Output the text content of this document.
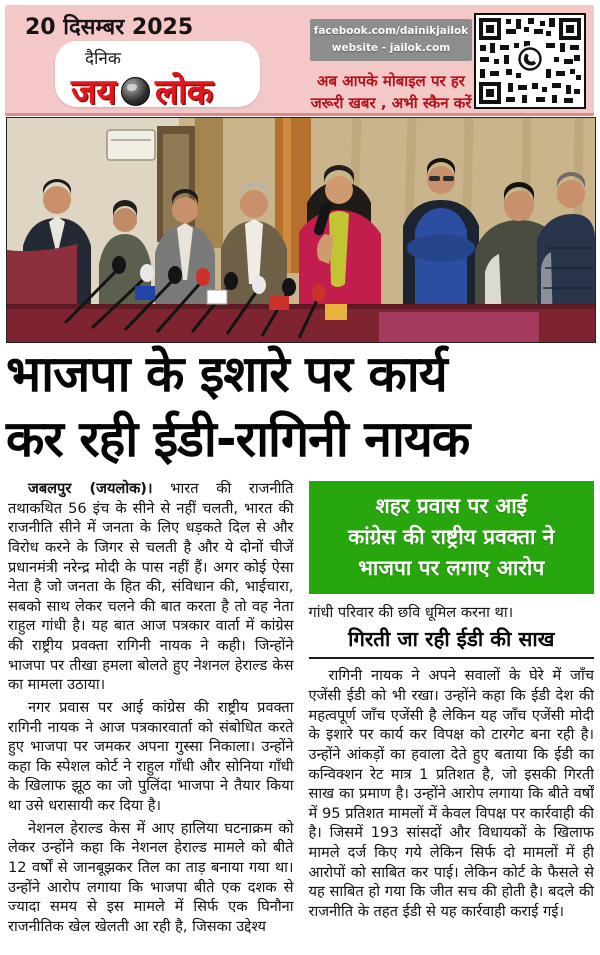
20 दिसम्बर 2025
दैनिक
जय लोक
facebook.com/dainikjailok
website - jailok.com
अब आपके मोबाइल पर हर
जरूरी खबर , अभी स्कैन करें
भाजपा के इशारे पर कार्य
कर रही ईडी-रागिनी नायक

जबलपुर (जयलोक)। भारत की राजनीति तथाकथित 56 इंच के सीने से नहीं चलती, भारत की राजनीति सीने में जनता के लिए धड़कते दिल से और विरोध करने के जिगर से चलती है और ये दोनों चीजें प्रधानमंत्री नरेन्द्र मोदी के पास नहीं हैं। अगर कोई ऐसा नेता है जो जनता के हित की, संविधान की, भाईचारा, सबको साथ लेकर चलने की बात करता है तो वह नेता राहुल गांधी है। यह बात आज पत्रकार वार्ता में कांग्रेस की राष्ट्रीय प्रवक्ता रागिनी नायक ने कही। जिन्होंने भाजपा पर तीखा हमला बोलते हुए नेशनल हेराल्ड केस का मामला उठाया।

नगर प्रवास पर आई कांग्रेस की राष्ट्रीय प्रवक्ता रागिनी नायक ने आज पत्रकारवार्ता को संबोधित करते हुए भाजपा पर जमकर अपना गुस्सा निकाला। उन्होंने कहा कि स्पेशल कोर्ट ने राहुल गाँधी और सोनिया गाँधी के खिलाफ झूठ का जो पुलिंदा भाजपा ने तैयार किया था उसे धरासायी कर दिया है।

नेशनल हेराल्ड केस में आए हालिया घटनाक्रम को लेकर उन्होंने कहा कि नेशनल हेराल्ड मामले को बीते 12 वर्षों से जानबूझकर तिल का ताड़ बनाया गया था। उन्होंने आरोप लगाया कि भाजपा बीते एक दशक से ज्यादा समय से इस मामले में सिर्फ एक घिनौना राजनीतिक खेल खेलती आ रही है, जिसका उद्देश्य

शहर प्रवास पर आई
कांग्रेस की राष्ट्रीय प्रवक्ता ने
भाजपा पर लगाए आरोप

गांधी परिवार की छवि धूमिल करना था।

गिरती जा रही ईडी की साख

रागिनी नायक ने अपने सवालों के घेरे में जाँच एजेंसी ईडी को भी रखा। उन्होंने कहा कि ईडी देश की महत्वपूर्ण जाँच एजेंसी है लेकिन यह जाँच एजेंसी मोदी के इशारे पर कार्य कर विपक्ष को टारगेट बना रही है। उन्होंने आंकड़ों का हवाला देते हुए बताया कि ईडी का कन्विक्शन रेट मात्र 1 प्रतिशत है, जो इसकी गिरती साख का प्रमाण है। उन्होंने आरोप लगाया कि बीते वर्षों में 95 प्रतिशत मामलों में केवल विपक्ष पर कार्रवाही की है। जिसमें 193 सांसदों और विधायकों के खिलाफ मामले दर्ज किए गये लेकिन सिर्फ दो मामलों में ही आरोपों को साबित कर पाई। लेकिन कोर्ट के फैसले से यह साबित हो गया कि जीत सच की होती है। बदले की राजनीति के तहत ईडी से यह कार्रवाही कराई गई।
